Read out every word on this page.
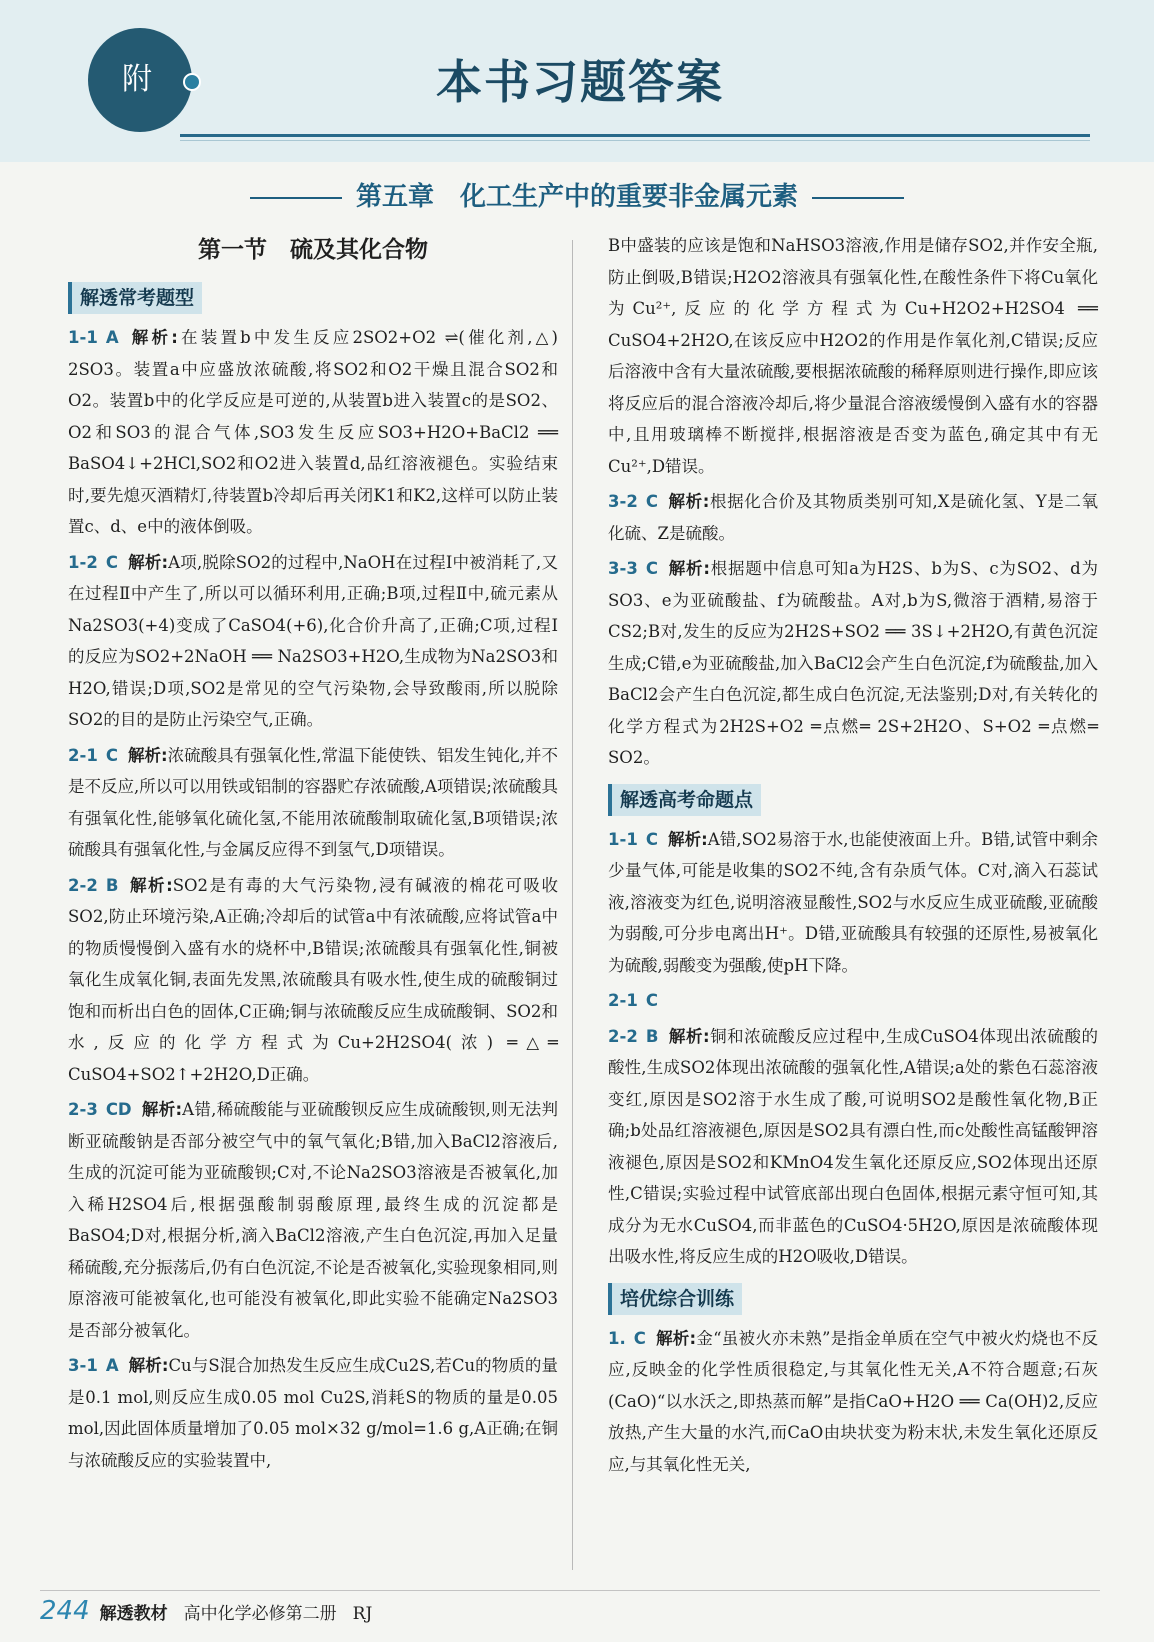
附	本书习题答案
第五章　化工生产中的重要非金属元素
第一节　硫及其化合物
解透常考题型
1-1 A 解析:在装置b中发生反应2SO2+O2 ⇌(催化剂,△) 2SO3。装置a中应盛放浓硫酸,将SO2和O2干燥且混合SO2和O2。装置b中的化学反应是可逆的,从装置b进入装置c的是SO2、O2和SO3的混合气体,SO3发生反应SO3+H2O+BaCl2 ══ BaSO4↓+2HCl,SO2和O2进入装置d,品红溶液褪色。实验结束时,要先熄灭酒精灯,待装置b冷却后再关闭K1和K2,这样可以防止装置c、d、e中的液体倒吸。
1-2 C 解析:A项,脱除SO2的过程中,NaOH在过程Ⅰ中被消耗了,又在过程Ⅱ中产生了,所以可以循环利用,正确;B项,过程Ⅱ中,硫元素从Na2SO3(+4)变成了CaSO4(+6),化合价升高了,正确;C项,过程Ⅰ的反应为SO2+2NaOH ══ Na2SO3+H2O,生成物为Na2SO3和H2O,错误;D项,SO2是常见的空气污染物,会导致酸雨,所以脱除SO2的目的是防止污染空气,正确。
2-1 C 解析:浓硫酸具有强氧化性,常温下能使铁、铝发生钝化,并不是不反应,所以可以用铁或铝制的容器贮存浓硫酸,A项错误;浓硫酸具有强氧化性,能够氧化硫化氢,不能用浓硫酸制取硫化氢,B项错误;浓硫酸具有强氧化性,与金属反应得不到氢气,D项错误。
2-2 B 解析:SO2是有毒的大气污染物,浸有碱液的棉花可吸收SO2,防止环境污染,A正确;冷却后的试管a中有浓硫酸,应将试管a中的物质慢慢倒入盛有水的烧杯中,B错误;浓硫酸具有强氧化性,铜被氧化生成氧化铜,表面先发黑,浓硫酸具有吸水性,使生成的硫酸铜过饱和而析出白色的固体,C正确;铜与浓硫酸反应生成硫酸铜、SO2和水,反应的化学方程式为Cu+2H2SO4(浓) ═△═ CuSO4+SO2↑+2H2O,D正确。
2-3 CD 解析:A错,稀硫酸能与亚硫酸钡反应生成硫酸钡,则无法判断亚硫酸钠是否部分被空气中的氧气氧化;B错,加入BaCl2溶液后,生成的沉淀可能为亚硫酸钡;C对,不论Na2SO3溶液是否被氧化,加入稀H2SO4后,根据强酸制弱酸原理,最终生成的沉淀都是BaSO4;D对,根据分析,滴入BaCl2溶液,产生白色沉淀,再加入足量稀硫酸,充分振荡后,仍有白色沉淀,不论是否被氧化,实验现象相同,则原溶液可能被氧化,也可能没有被氧化,即此实验不能确定Na2SO3是否部分被氧化。
3-1 A 解析:Cu与S混合加热发生反应生成Cu2S,若Cu的物质的量是0.1 mol,则反应生成0.05 mol Cu2S,消耗S的物质的量是0.05 mol,因此固体质量增加了0.05 mol×32 g/mol=1.6 g,A正确;在铜与浓硫酸反应的实验装置中,
B中盛装的应该是饱和NaHSO3溶液,作用是储存SO2,并作安全瓶,防止倒吸,B错误;H2O2溶液具有强氧化性,在酸性条件下将Cu氧化为Cu²⁺,反应的化学方程式为Cu+H2O2+H2SO4 ══ CuSO4+2H2O,在该反应中H2O2的作用是作氧化剂,C错误;反应后溶液中含有大量浓硫酸,要根据浓硫酸的稀释原则进行操作,即应该将反应后的混合溶液冷却后,将少量混合溶液缓慢倒入盛有水的容器中,且用玻璃棒不断搅拌,根据溶液是否变为蓝色,确定其中有无Cu²⁺,D错误。
3-2 C 解析:根据化合价及其物质类别可知,X是硫化氢、Y是二氧化硫、Z是硫酸。
3-3 C 解析:根据题中信息可知a为H2S、b为S、c为SO2、d为SO3、e为亚硫酸盐、f为硫酸盐。A对,b为S,微溶于酒精,易溶于CS2;B对,发生的反应为2H2S+SO2 ══ 3S↓+2H2O,有黄色沉淀生成;C错,e为亚硫酸盐,加入BaCl2会产生白色沉淀,f为硫酸盐,加入BaCl2会产生白色沉淀,都生成白色沉淀,无法鉴别;D对,有关转化的化学方程式为2H2S+O2 ═点燃═ 2S+2H2O、S+O2 ═点燃═ SO2。
解透高考命题点
1-1 C 解析:A错,SO2易溶于水,也能使液面上升。B错,试管中剩余少量气体,可能是收集的SO2不纯,含有杂质气体。C对,滴入石蕊试液,溶液变为红色,说明溶液显酸性,SO2与水反应生成亚硫酸,亚硫酸为弱酸,可分步电离出H⁺。D错,亚硫酸具有较强的还原性,易被氧化为硫酸,弱酸变为强酸,使pH下降。
2-1 C
2-2 B 解析:铜和浓硫酸反应过程中,生成CuSO4体现出浓硫酸的酸性,生成SO2体现出浓硫酸的强氧化性,A错误;a处的紫色石蕊溶液变红,原因是SO2溶于水生成了酸,可说明SO2是酸性氧化物,B正确;b处品红溶液褪色,原因是SO2具有漂白性,而c处酸性高锰酸钾溶液褪色,原因是SO2和KMnO4发生氧化还原反应,SO2体现出还原性,C错误;实验过程中试管底部出现白色固体,根据元素守恒可知,其成分为无水CuSO4,而非蓝色的CuSO4·5H2O,原因是浓硫酸体现出吸水性,将反应生成的H2O吸收,D错误。
培优综合训练
1. C 解析:金“虽被火亦未熟”是指金单质在空气中被火灼烧也不反应,反映金的化学性质很稳定,与其氧化性无关,A不符合题意;石灰(CaO)“以水沃之,即热蒸而解”是指CaO+H2O ══ Ca(OH)2,反应放热,产生大量的水汽,而CaO由块状变为粉末状,未发生氧化还原反应,与其氧化性无关,
244 解透教材 高中化学必修第二册 RJ
